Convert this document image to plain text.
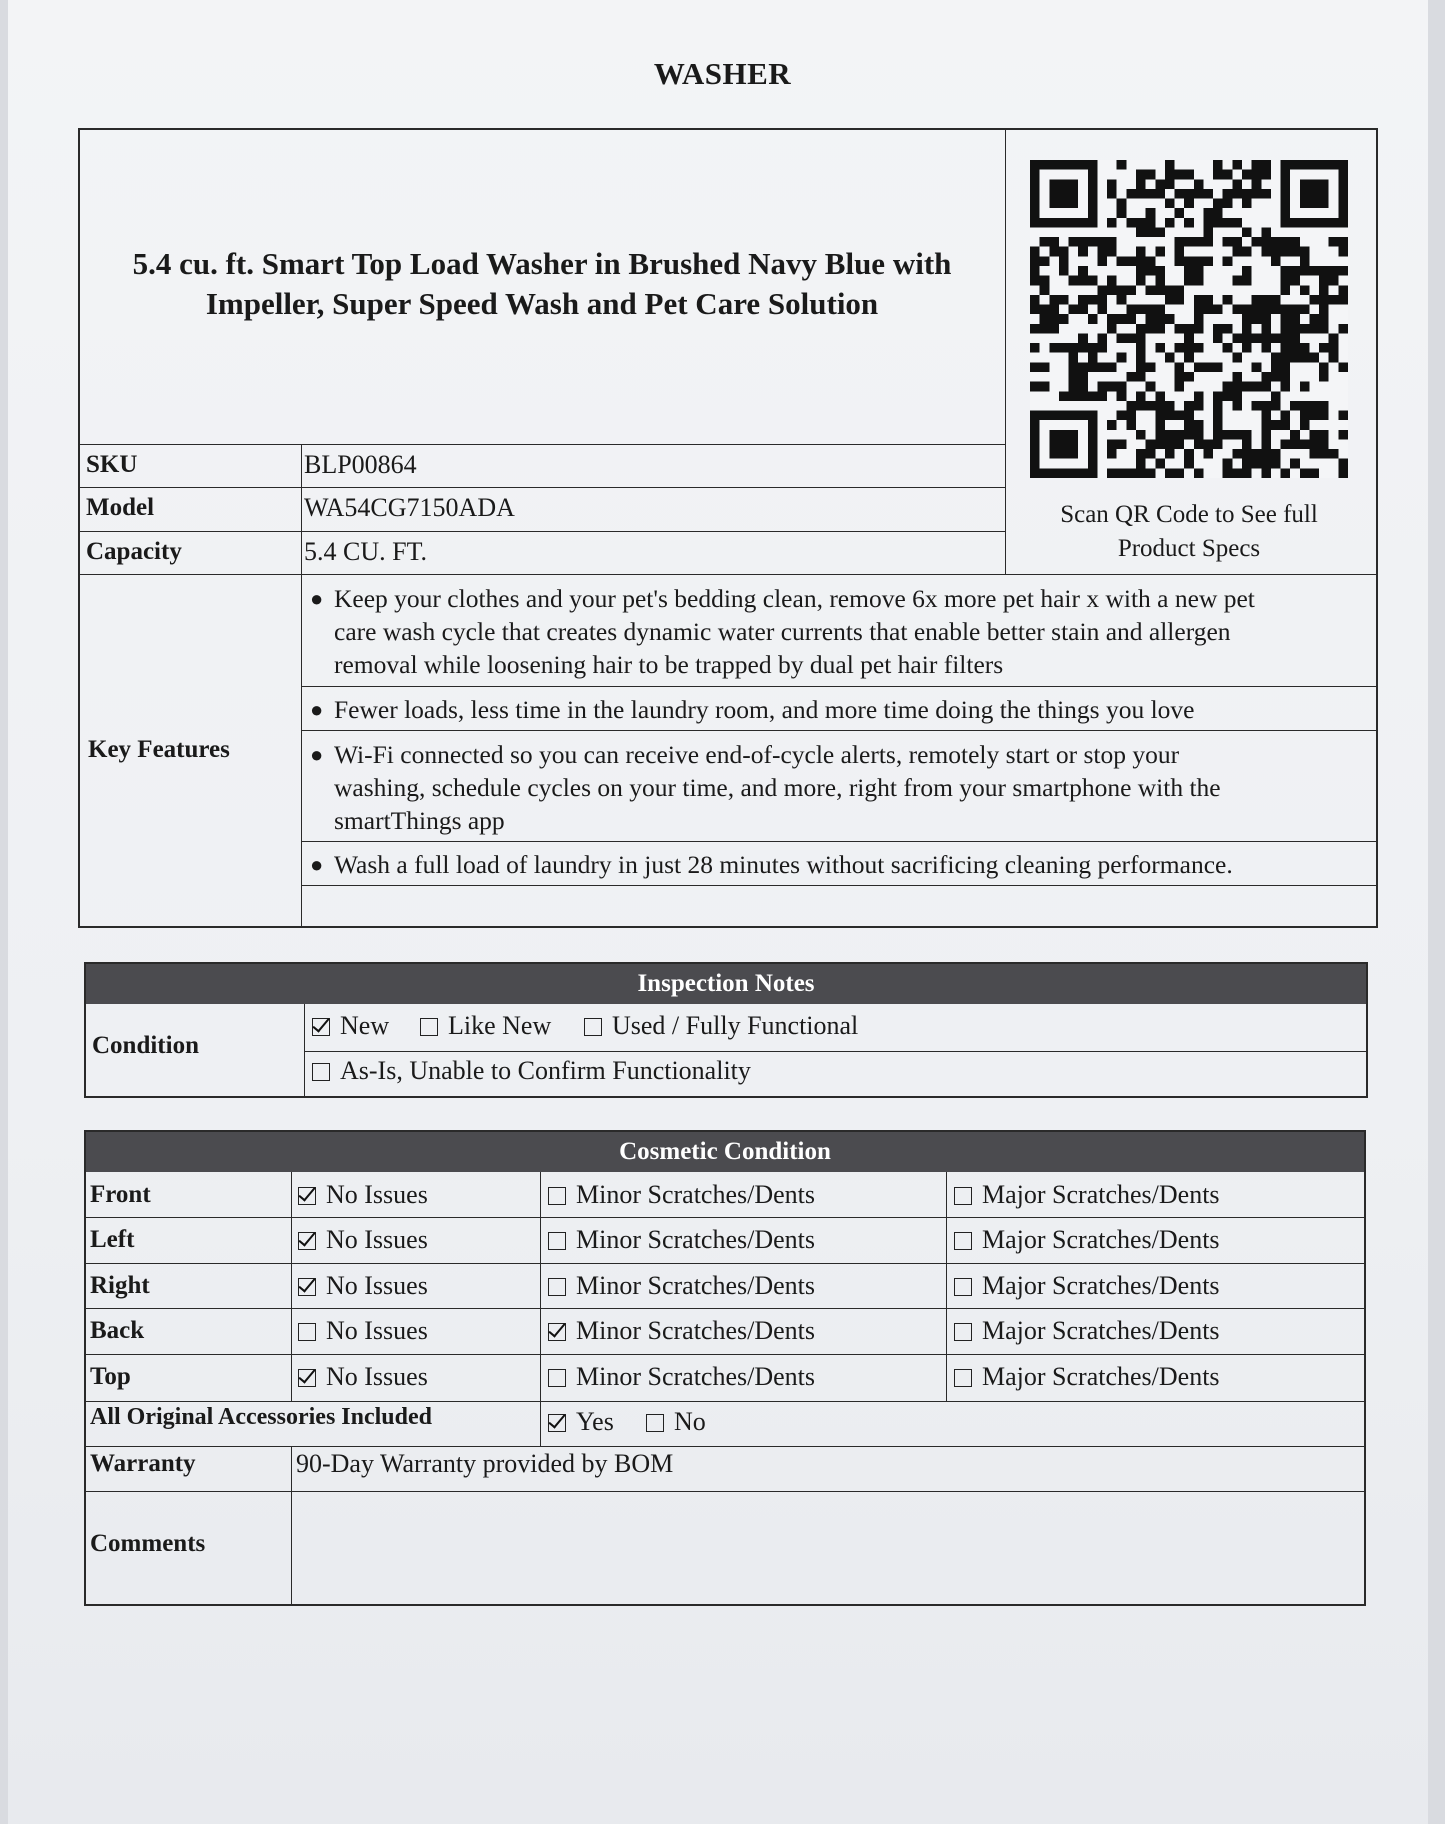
WASHER
5.4 cu. ft. Smart Top Load Washer in Brushed Navy Blue with
Impeller, Super Speed Wash and Pet Care Solution
SKU	BLP00864
Model	WA54CG7150ADA
Capacity	5.4 CU. FT.
Scan QR Code to See full
Product Specs
Key Features
● Keep your clothes and your pet's bedding clean, remove 6x more pet hair x with a new pet
care wash cycle that creates dynamic water currents that enable better stain and allergen
removal while loosening hair to be trapped by dual pet hair filters
● Fewer loads, less time in the laundry room, and more time doing the things you love
● Wi-Fi connected so you can receive end-of-cycle alerts, remotely start or stop your
washing, schedule cycles on your time, and more, right from your smartphone with the
smartThings app
● Wash a full load of laundry in just 28 minutes without sacrificing cleaning performance.
Inspection Notes
Condition
New	Like New	Used / Fully Functional
As-Is, Unable to Confirm Functionality
Cosmetic Condition
Front	No Issues	Minor Scratches/Dents	Major Scratches/Dents
Left	No Issues	Minor Scratches/Dents	Major Scratches/Dents
Right	No Issues	Minor Scratches/Dents	Major Scratches/Dents
Back	No Issues	Minor Scratches/Dents	Major Scratches/Dents
Top	No Issues	Minor Scratches/Dents	Major Scratches/Dents
All Original Accessories Included	Yes	No
Warranty	90-Day Warranty provided by BOM
Comments
